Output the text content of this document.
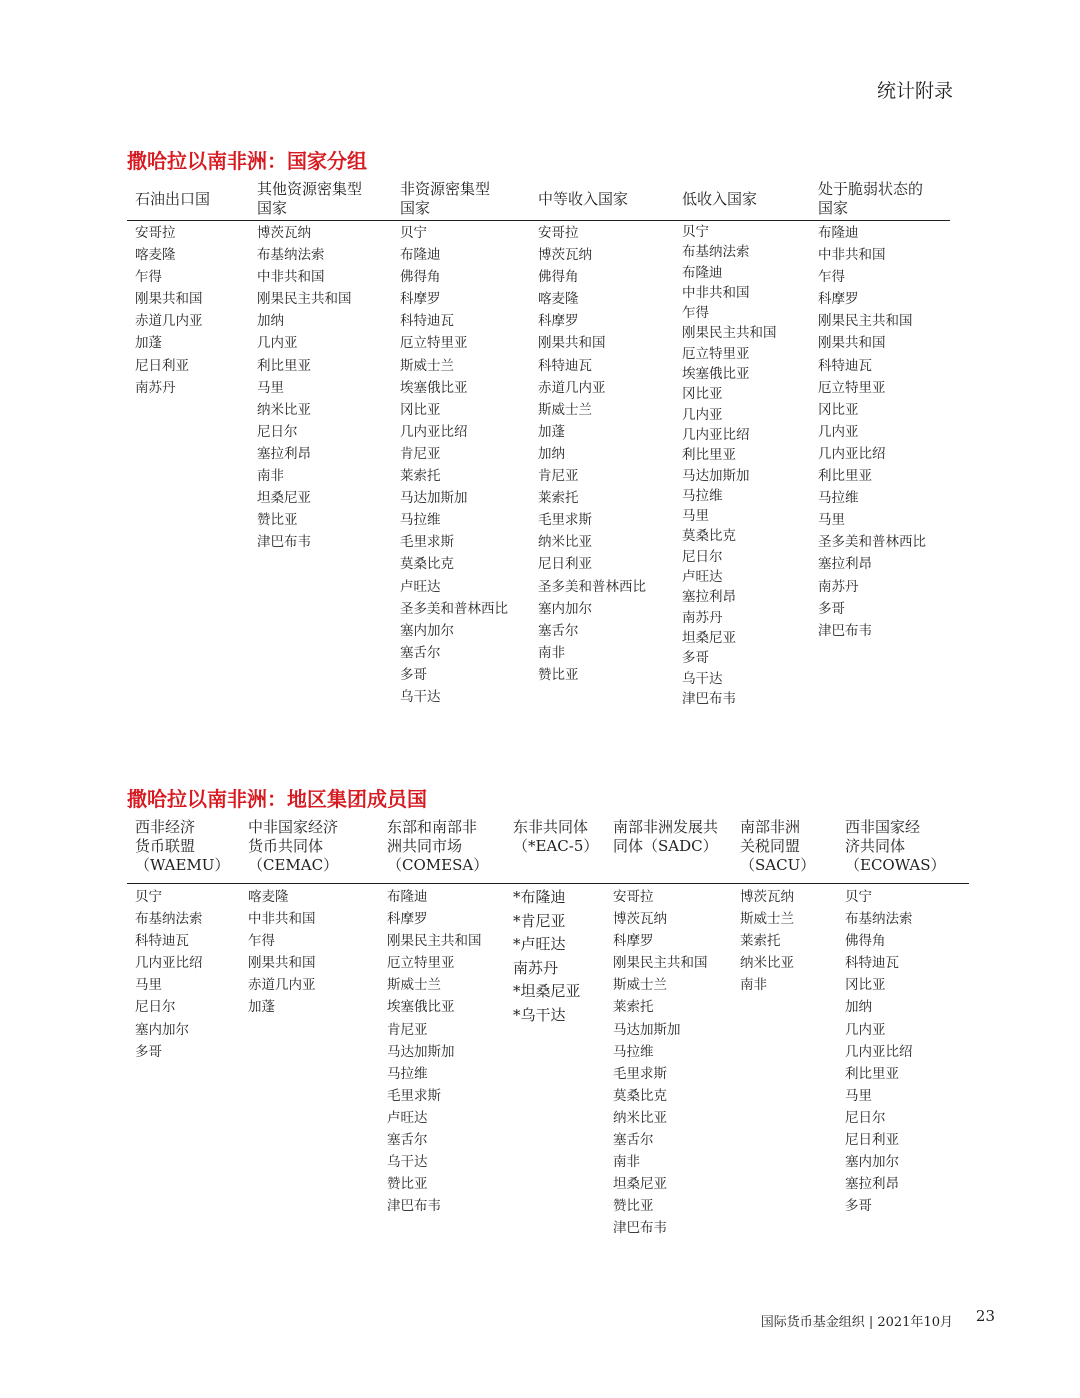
统计附录
撒哈拉以南非洲：国家分组
石油出口国
安哥拉
喀麦隆
乍得
刚果共和国
赤道几内亚
加蓬
尼日利亚
南苏丹
其他资源密集型
国家
博茨瓦纳
布基纳法索
中非共和国
刚果民主共和国
加纳
几内亚
利比里亚
马里
纳米比亚
尼日尔
塞拉利昂
南非
坦桑尼亚
赞比亚
津巴布韦
非资源密集型
国家
贝宁
布隆迪
佛得角
科摩罗
科特迪瓦
厄立特里亚
斯威士兰
埃塞俄比亚
冈比亚
几内亚比绍
肯尼亚
莱索托
马达加斯加
马拉维
毛里求斯
莫桑比克
卢旺达
圣多美和普林西比
塞内加尔
塞舌尔
多哥
乌干达
中等收入国家
安哥拉
博茨瓦纳
佛得角
喀麦隆
科摩罗
刚果共和国
科特迪瓦
赤道几内亚
斯威士兰
加蓬
加纳
肯尼亚
莱索托
毛里求斯
纳米比亚
尼日利亚
圣多美和普林西比
塞内加尔
塞舌尔
南非
赞比亚
低收入国家
贝宁
布基纳法索
布隆迪
中非共和国
乍得
刚果民主共和国
厄立特里亚
埃塞俄比亚
冈比亚
几内亚
几内亚比绍
利比里亚
马达加斯加
马拉维
马里
莫桑比克
尼日尔
卢旺达
塞拉利昂
南苏丹
坦桑尼亚
多哥
乌干达
津巴布韦
处于脆弱状态的
国家
布隆迪
中非共和国
乍得
科摩罗
刚果民主共和国
刚果共和国
科特迪瓦
厄立特里亚
冈比亚
几内亚
几内亚比绍
利比里亚
马拉维
马里
圣多美和普林西比
塞拉利昂
南苏丹
多哥
津巴布韦
撒哈拉以南非洲：地区集团成员国
西非经济
货币联盟
（WAEMU）
贝宁
布基纳法索
科特迪瓦
几内亚比绍
马里
尼日尔
塞内加尔
多哥
中非国家经济
货币共同体
（CEMAC）
喀麦隆
中非共和国
乍得
刚果共和国
赤道几内亚
加蓬
东部和南部非
洲共同市场
（COMESA）
布隆迪
科摩罗
刚果民主共和国
厄立特里亚
斯威士兰
埃塞俄比亚
肯尼亚
马达加斯加
马拉维
毛里求斯
卢旺达
塞舌尔
乌干达
赞比亚
津巴布韦
东非共同体
（*EAC-5）
*布隆迪
*肯尼亚
*卢旺达
南苏丹
*坦桑尼亚
*乌干达
南部非洲发展共
同体（SADC）
安哥拉
博茨瓦纳
科摩罗
刚果民主共和国
斯威士兰
莱索托
马达加斯加
马拉维
毛里求斯
莫桑比克
纳米比亚
塞舌尔
南非
坦桑尼亚
赞比亚
津巴布韦
南部非洲
关税同盟
（SACU）
博茨瓦纳
斯威士兰
莱索托
纳米比亚
南非
西非国家经
济共同体
（ECOWAS）
贝宁
布基纳法索
佛得角
科特迪瓦
冈比亚
加纳
几内亚
几内亚比绍
利比里亚
马里
尼日尔
尼日利亚
塞内加尔
塞拉利昂
多哥
国际货币基金组织 | 2021年10月 23
